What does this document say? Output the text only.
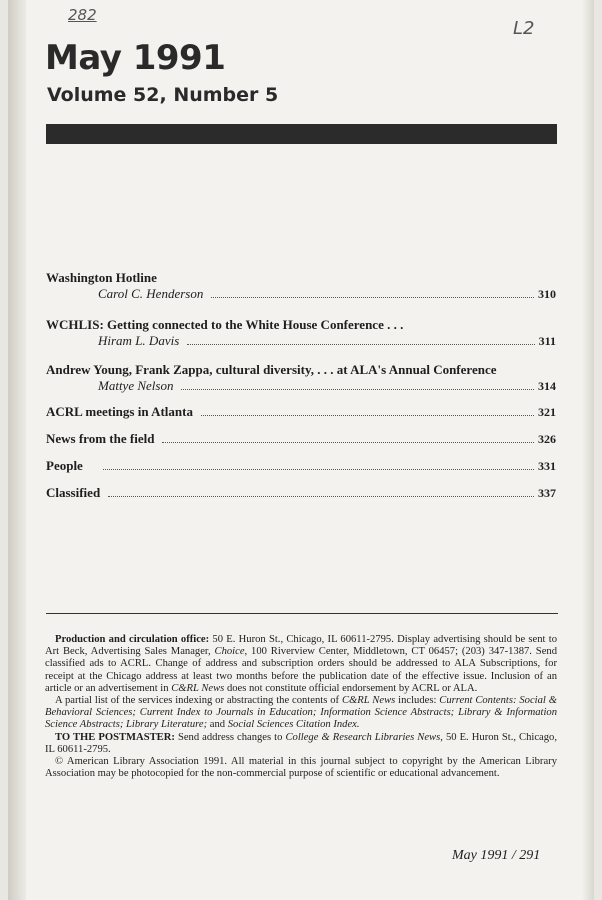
282
L2
May 1991
Volume 52, Number 5
Washington Hotline
Carol C. Henderson	310
WCHLIS: Getting connected to the White House Conference . . .
Hiram L. Davis	311
Andrew Young, Frank Zappa, cultural diversity, . . . at ALA's Annual Conference
Mattye Nelson	314
ACRL meetings in Atlanta	321
News from the field	326
People	331
Classified	337

Production and circulation office: 50 E. Huron St., Chicago, IL 60611-2795. Display advertising should be sent to Art Beck, Advertising Sales Manager, Choice, 100 Riverview Center, Middletown, CT 06457; (203) 347-1387. Send classified ads to ACRL. Change of address and subscription orders should be addressed to ALA Subscriptions, for receipt at the Chicago address at least two months before the publication date of the effective issue. Inclusion of an article or an advertisement in C&RL News does not constitute official endorsement by ACRL or ALA.

A partial list of the services indexing or abstracting the contents of C&RL News includes: Current Contents: Social & Behavioral Sciences; Current Index to Journals in Education; Information Science Abstracts; Library & Information Science Abstracts; Library Literature; and Social Sciences Citation Index.

TO THE POSTMASTER: Send address changes to College & Research Libraries News, 50 E. Huron St., Chicago, IL 60611-2795.

© American Library Association 1991. All material in this journal subject to copyright by the American Library Association may be photocopied for the non-commercial purpose of scientific or educational advancement.

May 1991 / 291
